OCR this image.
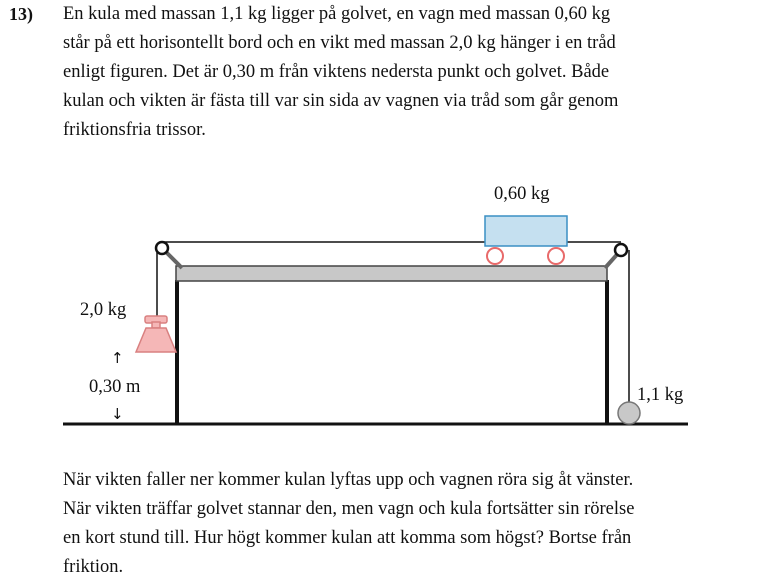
13) En kula med massan 1,1 kg ligger på golvet, en vagn med massan 0,60 kg
står på ett horisontellt bord och en vikt med massan 2,0 kg hänger i en tråd
enligt figuren. Det är 0,30 m från viktens nedersta punkt och golvet. Både
kulan och vikten är fästa till var sin sida av vagnen via tråd som går genom
friktionsfria trissor.
0,60 kg
2,0 kg
↑
0,30 m
↓
1,1 kg
När vikten faller ner kommer kulan lyftas upp och vagnen röra sig åt vänster.
När vikten träffar golvet stannar den, men vagn och kula fortsätter sin rörelse
en kort stund till. Hur högt kommer kulan att komma som högst? Bortse från
friktion.
